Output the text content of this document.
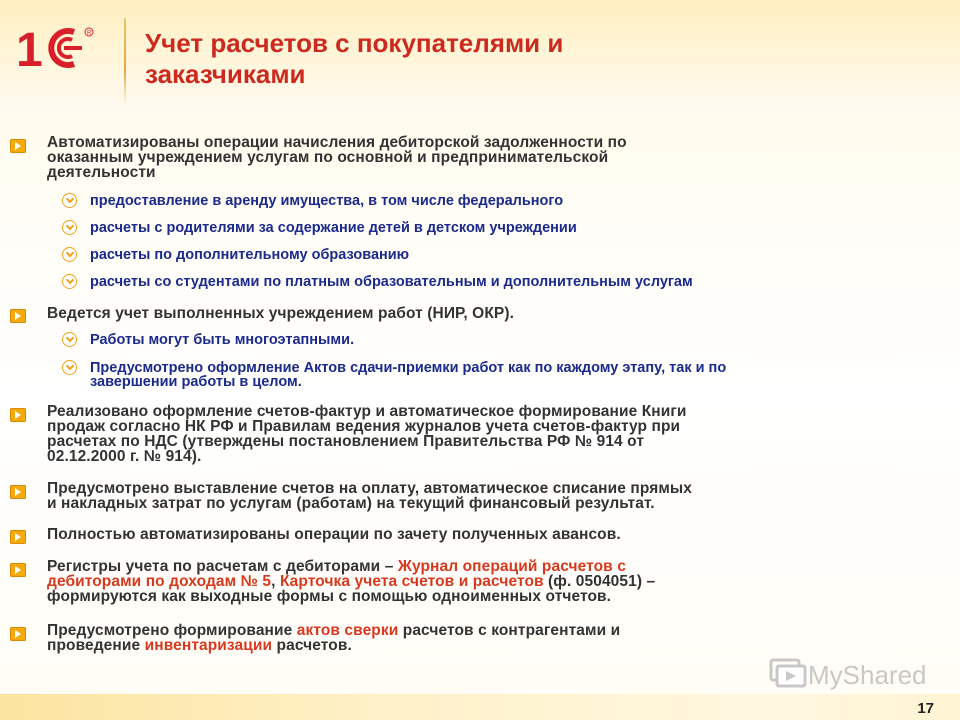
1	R Учет расчетов с покупателями и
заказчиками
Автоматизированы операции начисления дебиторской задолженности по
оказанным учреждением услугам по основной и предпринимательской
деятельности
предоставление в аренду имущества, в том числе федерального
расчеты с родителями за содержание детей в детском учреждении
расчеты по дополнительному образованию
расчеты со студентами по платным образовательным и дополнительным услугам
Ведется учет выполненных учреждением работ (НИР, ОКР).
Работы могут быть многоэтапными.
Предусмотрено оформление Актов сдачи-приемки работ как по каждому этапу, так и по
завершении работы в целом.
Реализовано оформление счетов-фактур и автоматическое формирование Книги
продаж согласно НК РФ и Правилам ведения журналов учета счетов-фактур при
расчетах по НДС (утверждены постановлением Правительства РФ № 914 от
02.12.2000 г. № 914).
Предусмотрено выставление счетов на оплату, автоматическое списание прямых
и накладных затрат по услугам (работам) на текущий финансовый результат.
Полностью автоматизированы операции по зачету полученных авансов.
Регистры учета по расчетам с дебиторами – Журнал операций расчетов с
дебиторами по доходам № 5, Карточка учета счетов и расчетов (ф. 0504051) –
формируются как выходные формы с помощью одноименных отчетов.
Предусмотрено формирование актов сверки расчетов с контрагентами и
проведение инвентаризации расчетов.
MyShared
17
